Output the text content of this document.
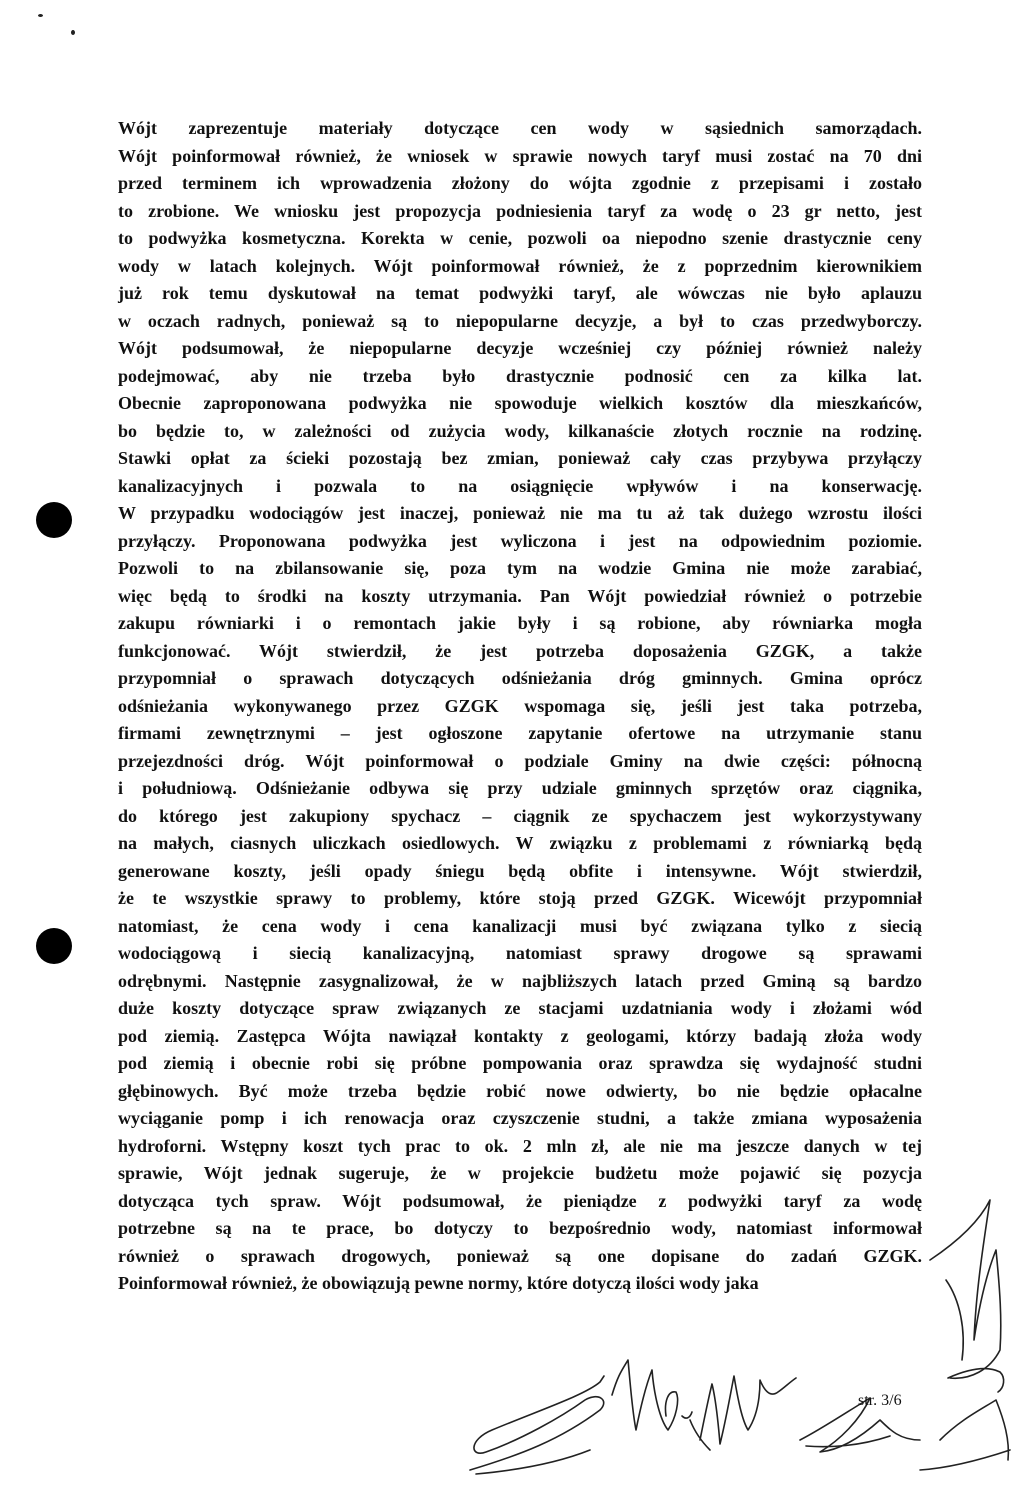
Wójt zaprezentuje materiały dotyczące cen wody w sąsiednich samorządach.
Wójt poinformował również, że wniosek w sprawie nowych taryf musi zostać na 70 dni
przed terminem ich wprowadzenia złożony do wójta zgodnie z przepisami i zostało
to zrobione. We wniosku jest propozycja podniesienia taryf za wodę o 23 gr netto, jest
to podwyżka kosmetyczna. Korekta w cenie, pozwoli oa niepodno szenie drastycznie ceny
wody w latach kolejnych. Wójt poinformował również, że z poprzednim kierownikiem
już rok temu dyskutował na temat podwyżki taryf, ale wówczas nie było aplauzu
w oczach radnych, ponieważ są to niepopularne decyzje, a był to czas przedwyborczy.
Wójt podsumował, że niepopularne decyzje wcześniej czy później również należy
podejmować, aby nie trzeba było drastycznie podnosić cen za kilka lat.
Obecnie zaproponowana podwyżka nie spowoduje wielkich kosztów dla mieszkańców,
bo będzie to, w zależności od zużycia wody, kilkanaście złotych rocznie na rodzinę.
Stawki opłat za ścieki pozostają bez zmian, ponieważ cały czas przybywa przyłączy
kanalizacyjnych i pozwala to na osiągnięcie wpływów i na konserwację.
W przypadku wodociągów jest inaczej, ponieważ nie ma tu aż tak dużego wzrostu ilości
przyłączy. Proponowana podwyżka jest wyliczona i jest na odpowiednim poziomie.
Pozwoli to na zbilansowanie się, poza tym na wodzie Gmina nie może zarabiać,
więc będą to środki na koszty utrzymania. Pan Wójt powiedział również o potrzebie
zakupu równiarki i o remontach jakie były i są robione, aby równiarka mogła
funkcjonować. Wójt stwierdził, że jest potrzeba doposażenia GZGK, a także
przypomniał o sprawach dotyczących odśnieżania dróg gminnych. Gmina oprócz
odśnieżania wykonywanego przez GZGK wspomaga się, jeśli jest taka potrzeba,
firmami zewnętrznymi – jest ogłoszone zapytanie ofertowe na utrzymanie stanu
przejezdności dróg. Wójt poinformował o podziale Gminy na dwie części: północną
i południową. Odśnieżanie odbywa się przy udziale gminnych sprzętów oraz ciągnika,
do którego jest zakupiony spychacz – ciągnik ze spychaczem jest wykorzystywany
na małych, ciasnych uliczkach osiedlowych. W związku z problemami z równiarką będą
generowane koszty, jeśli opady śniegu będą obfite i intensywne. Wójt stwierdził,
że te wszystkie sprawy to problemy, które stoją przed GZGK. Wicewójt przypomniał
natomiast, że cena wody i cena kanalizacji musi być związana tylko z siecią
wodociągową i siecią kanalizacyjną, natomiast sprawy drogowe są sprawami
odrębnymi. Następnie zasygnalizował, że w najbliższych latach przed Gminą są bardzo
duże koszty dotyczące spraw związanych ze stacjami uzdatniania wody i złożami wód
pod ziemią. Zastępca Wójta nawiązał kontakty z geologami, którzy badają złoża wody
pod ziemią i obecnie robi się próbne pompowania oraz sprawdza się wydajność studni
głębinowych. Być może trzeba będzie robić nowe odwierty, bo nie będzie opłacalne
wyciąganie pomp i ich renowacja oraz czyszczenie studni, a także zmiana wyposażenia
hydroforni. Wstępny koszt tych prac to ok. 2 mln zł, ale nie ma jeszcze danych w tej
sprawie, Wójt jednak sugeruje, że w projekcie budżetu może pojawić się pozycja
dotycząca tych spraw. Wójt podsumował, że pieniądze z podwyżki taryf za wodę
potrzebne są na te prace, bo dotyczy to bezpośrednio wody, natomiast informował
również o sprawach drogowych, ponieważ są one dopisane do zadań GZGK.
Poinformował również, że obowiązują pewne normy, które dotyczą ilości wody jaka
str. 3/6
